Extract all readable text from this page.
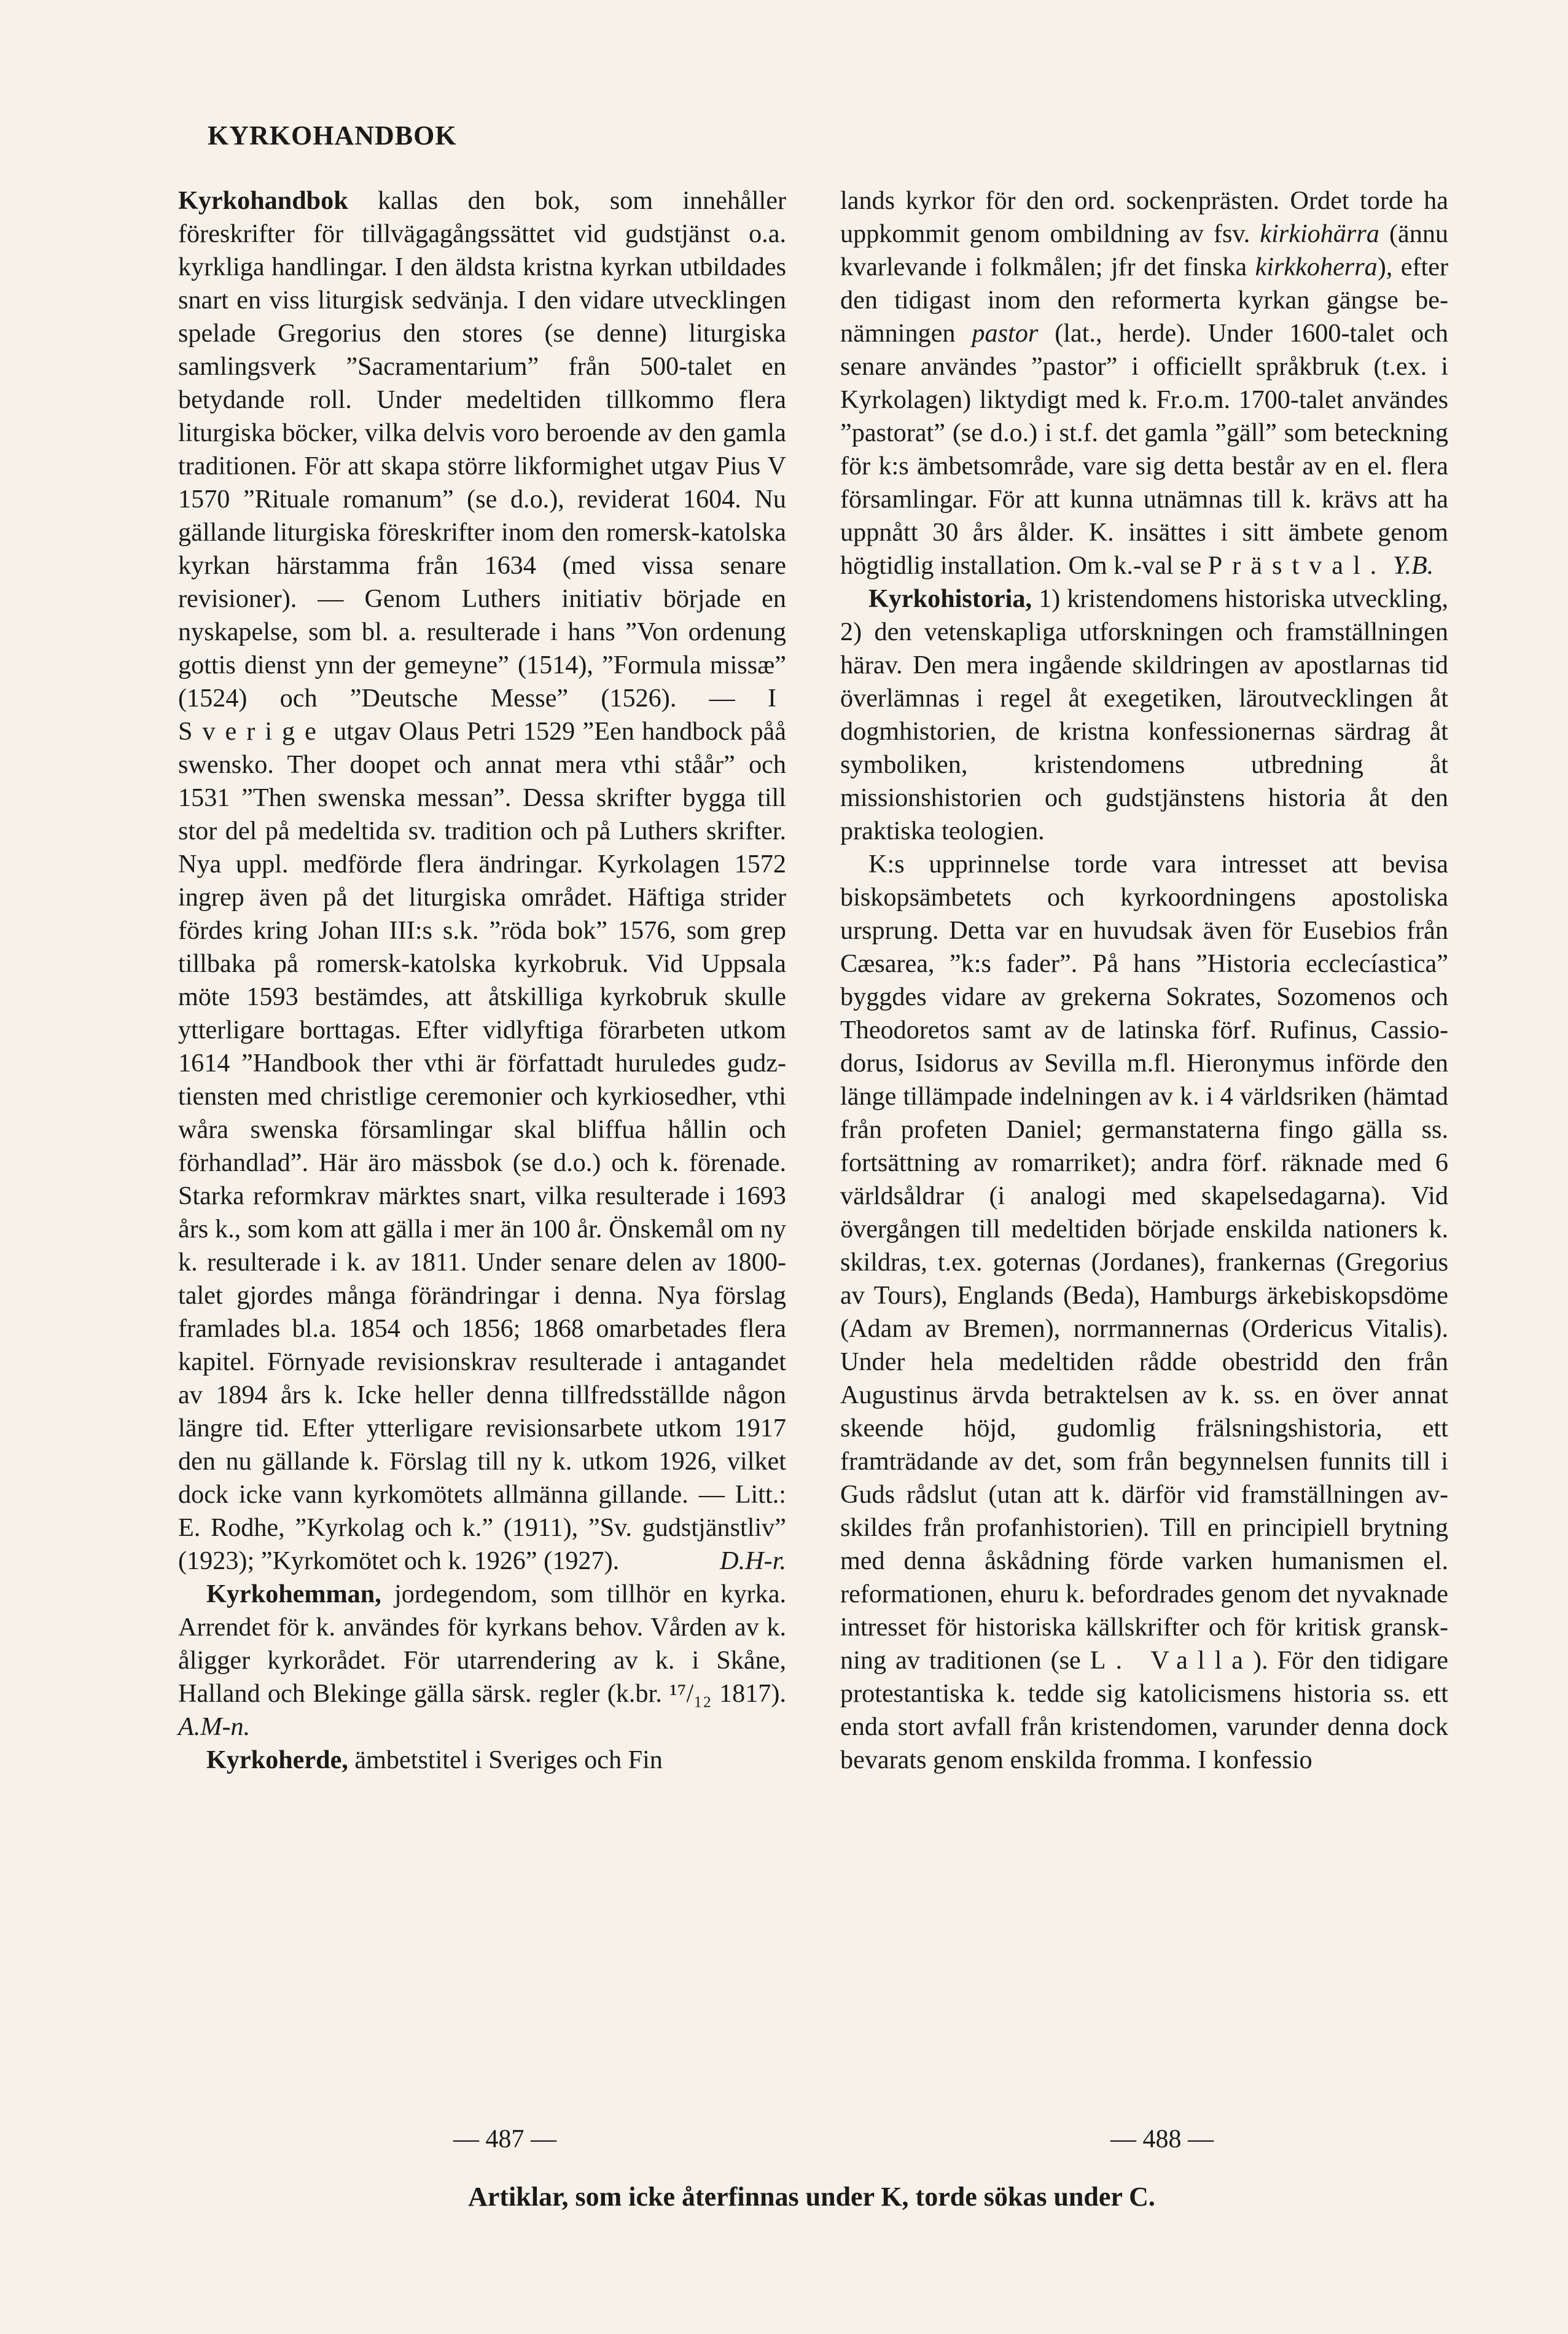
KYRKOHANDBOK

Kyrkohandbok kallas den bok, som innehåller föreskrifter för tillvägagångssättet vid gudstjänst o.a. kyrkliga handlingar. I den äldsta kristna kyrkan utbildades snart en viss liturgisk sedvänja. I den vidare utvecklingen spelade Gregorius den stores (se denne) liturgiska samlingsverk ”Sacramentarium” från 500-talet en betydande roll. Under medeltiden tillkommo flera liturgiska böcker, vilka delvis voro beroende av den gamla traditionen. För att skapa större likformighet utgav Pius V 1570 ”Rituale romanum” (se d.o.), reviderat 1604. Nu gällande liturgiska föreskrifter inom den romersk-katolska kyrkan härstamma från 1634 (med vissa senare revisioner). — Genom Luthers initiativ började en nyskapelse, som bl. a. resulterade i hans ”Von ordenung gottis dienst ynn der gemeyne” (1514), ”Formula missæ” (1524) och ”Deutsche Messe” (1526). — I Sverige utgav Olaus Petri 1529 ”Een handbock påå swensko. Ther doopet och annat mera vthi ståår” och 1531 ”Then swenska messan”. Dessa skrifter bygga till stor del på medeltida sv. tradition och på Luthers skrifter. Nya uppl. medförde flera ändringar. Kyrkolagen 1572 ingrep även på det liturgiska området. Häftiga strider fördes kring Johan III:s s.k. ”röda bok” 1576, som grep tillbaka på romersk-katolska kyrkobruk. Vid Uppsala möte 1593 bestämdes, att åtskilliga kyrkobruk skulle ytterligare borttagas. Efter vidlyftiga förarbeten utkom 1614 ”Handbook ther vthi är författadt huruledes gudztiensten med christlige ceremonier och kyrkiosedher, vthi wåra swenska församlingar skal bliffua hållin och förhandlad”. Här äro mässbok (se d.o.) och k. förenade. Starka reformkrav märktes snart, vilka resulterade i 1693 års k., som kom att gälla i mer än 100 år. Önskemål om ny k. resulterade i k. av 1811. Under senare delen av 1800-talet gjordes många förändringar i denna. Nya förslag framlades bl.a. 1854 och 1856; 1868 omarbetades flera kapitel. Förnyade revisionskrav resulterade i antagandet av 1894 års k. Icke heller denna tillfredsställde någon längre tid. Efter ytterligare revisionsarbete utkom 1917 den nu gällande k. Förslag till ny k. utkom 1926, vilket dock icke vann kyrkomötets allmänna gillande. — Litt.: E. Rodhe, ”Kyrkolag och k.” (1911), ”Sv. gudstjänstliv” (1923); ”Kyrkomötet och k. 1926” (1927).	D.H-r.

Kyrkohemman, jordegendom, som tillhör en kyrka. Arrendet för k. användes för kyrkans behov. Vården av k. åligger kyrkorådet. För utarrendering av k. i Skåne, Halland och Blekinge gälla särsk. regler (k.br. ¹⁷/₁₂ 1817). A.M-n.

Kyrkoherde, ämbetstitel i Sveriges och Fin

lands kyrkor för den ord. sockenprästen. Ordet torde ha uppkommit genom ombildning av fsv. kirkiohärra (ännu kvarlevande i folkmålen; jfr det finska kirkkoherra), efter den tidigast inom den reformerta kyrkan gängse benämningen pastor (lat., herde). Under 1600-talet och senare användes ”pastor” i officiellt språkbruk (t.ex. i Kyrkolagen) liktydigt med k. Fr.o.m. 1700-talet användes ”pastorat” (se d.o.) i st.f. det gamla ”gäll” som beteckning för k:s ämbetsområde, vare sig detta består av en el. flera församlingar. För att kunna utnämnas till k. krävs att ha uppnått 30 års ålder. K. insättes i sitt ämbete genom högtidlig installation. Om k.-val se Prästval. Y.B.

Kyrkohistoria, 1) kristendomens historiska utveckling, 2) den vetenskapliga utforskningen och framställningen härav. Den mera ingående skildringen av apostlarnas tid överlämnas i regel åt exegetiken, läroutvecklingen åt dogmhistorien, de kristna konfessionernas särdrag åt symboliken, kristendomens utbredning åt missionshistorien och gudstjänstens historia åt den praktiska teologien.

K:s upprinnelse torde vara intresset att bevisa biskopsämbetets och kyrkoordningens apostoliska ursprung. Detta var en huvudsak även för Eusebios från Cæsarea, ”k:s fader”. På hans ”Historia ecclecíastica” byggdes vidare av grekerna Sokrates, Sozomenos och Theodoretos samt av de latinska förf. Rufinus, Cassiodorus, Isidorus av Sevilla m.fl. Hieronymus införde den länge tillämpade indelningen av k. i 4 världsriken (hämtad från profeten Daniel; germanstaterna fingo gälla ss. fortsättning av romarriket); andra förf. räknade med 6 världsåldrar (i analogi med skapelsedagarna). Vid övergången till medeltiden började enskilda nationers k. skildras, t.ex. goternas (Jordanes), frankernas (Gregorius av Tours), Englands (Beda), Hamburgs ärkebiskopsdöme (Adam av Bremen), norrmannernas (Ordericus Vitalis). Under hela medeltiden rådde obestridd den från Augustinus ärvda betraktelsen av k. ss. en över annat skeende höjd, gudomlig frälsningshistoria, ett framträdande av det, som från begynnelsen funnits till i Guds rådslut (utan att k. därför vid framställningen avskildes från profanhistorien). Till en principiell brytning med denna åskådning förde varken humanismen el. reformationen, ehuru k. befordrades genom det nyvaknade intresset för historiska källskrifter och för kritisk granskning av traditionen (se L. Valla). För den tidigare protestantiska k. tedde sig katolicismens historia ss. ett enda stort avfall från kristendomen, varunder denna dock bevarats genom enskilda fromma. I konfessio

— 487 —	— 488 —
Artiklar, som icke återfinnas under K, torde sökas under C.
